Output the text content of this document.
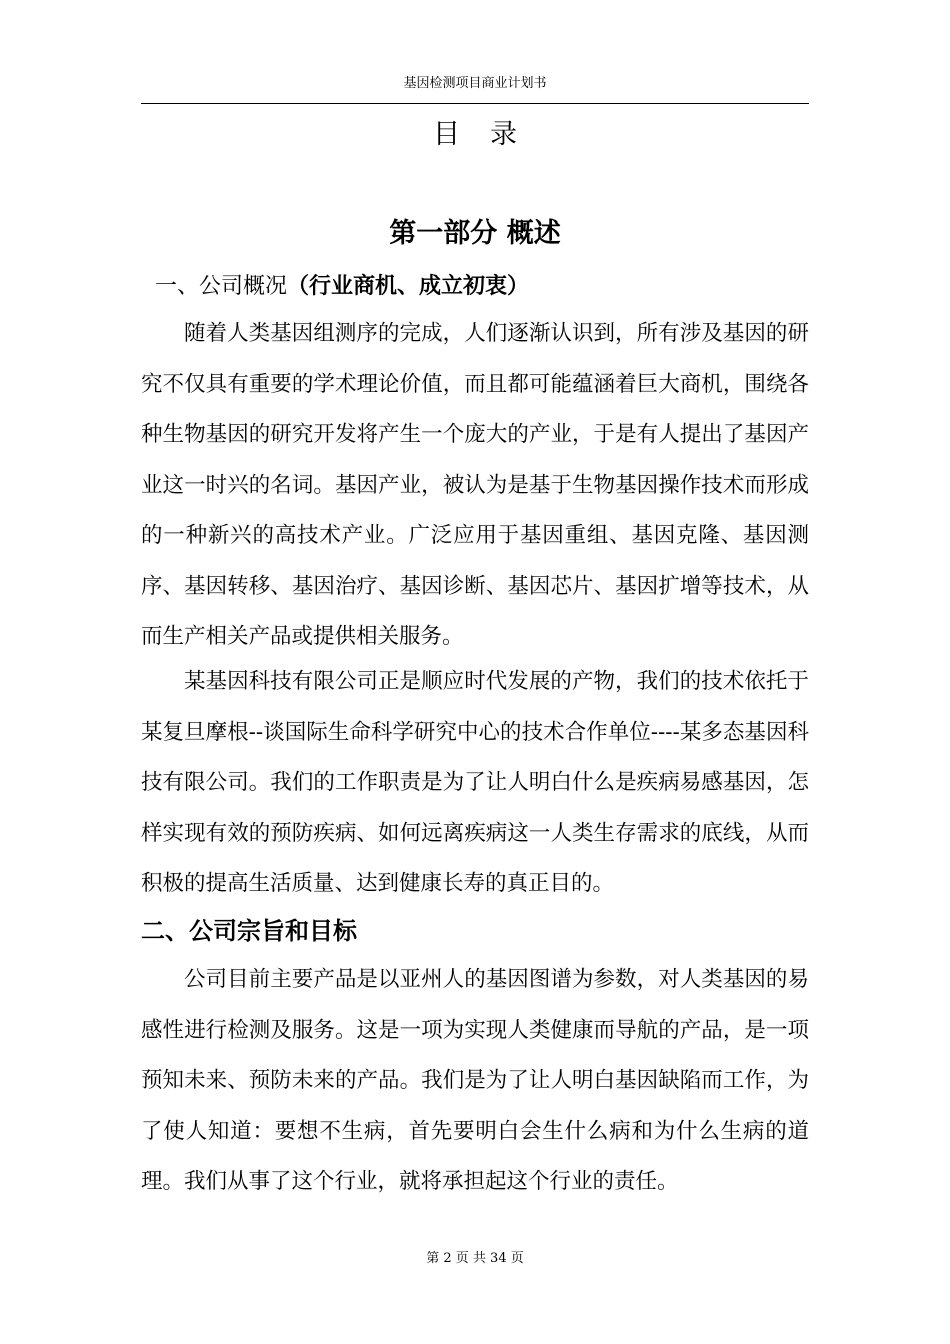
基因检测项目商业计划书
目录
第一部分 概述
一、公司概况（行业商机、成立初衷）

随着人类基因组测序的完成，人们逐渐认识到，所有涉及基因的研究不仅具有重要的学术理论价值，而且都可能蕴涵着巨大商机，围绕各种生物基因的研究开发将产生一个庞大的产业，于是有人提出了基因产业这一时兴的名词。基因产业，被认为是基于生物基因操作技术而形成的一种新兴的高技术产业。广泛应用于基因重组、基因克隆、基因测序、基因转移、基因治疗、基因诊断、基因芯片、基因扩增等技术，从而生产相关产品或提供相关服务。

某基因科技有限公司正是顺应时代发展的产物，我们的技术依托于某复旦摩根--谈国际生命科学研究中心的技术合作单位----某多态基因科技有限公司。我们的工作职责是为了让人明白什么是疾病易感基因，怎样实现有效的预防疾病、如何远离疾病这一人类生存需求的底线，从而积极的提高生活质量、达到健康长寿的真正目的。

二、公司宗旨和目标

公司目前主要产品是以亚州人的基因图谱为参数，对人类基因的易感性进行检测及服务。这是一项为实现人类健康而导航的产品，是一项预知未来、预防未来的产品。我们是为了让人明白基因缺陷而工作，为了使人知道：要想不生病，首先要明白会生什么病和为什么生病的道理。我们从事了这个行业，就将承担起这个行业的责任。

第 2 页 共 34 页
